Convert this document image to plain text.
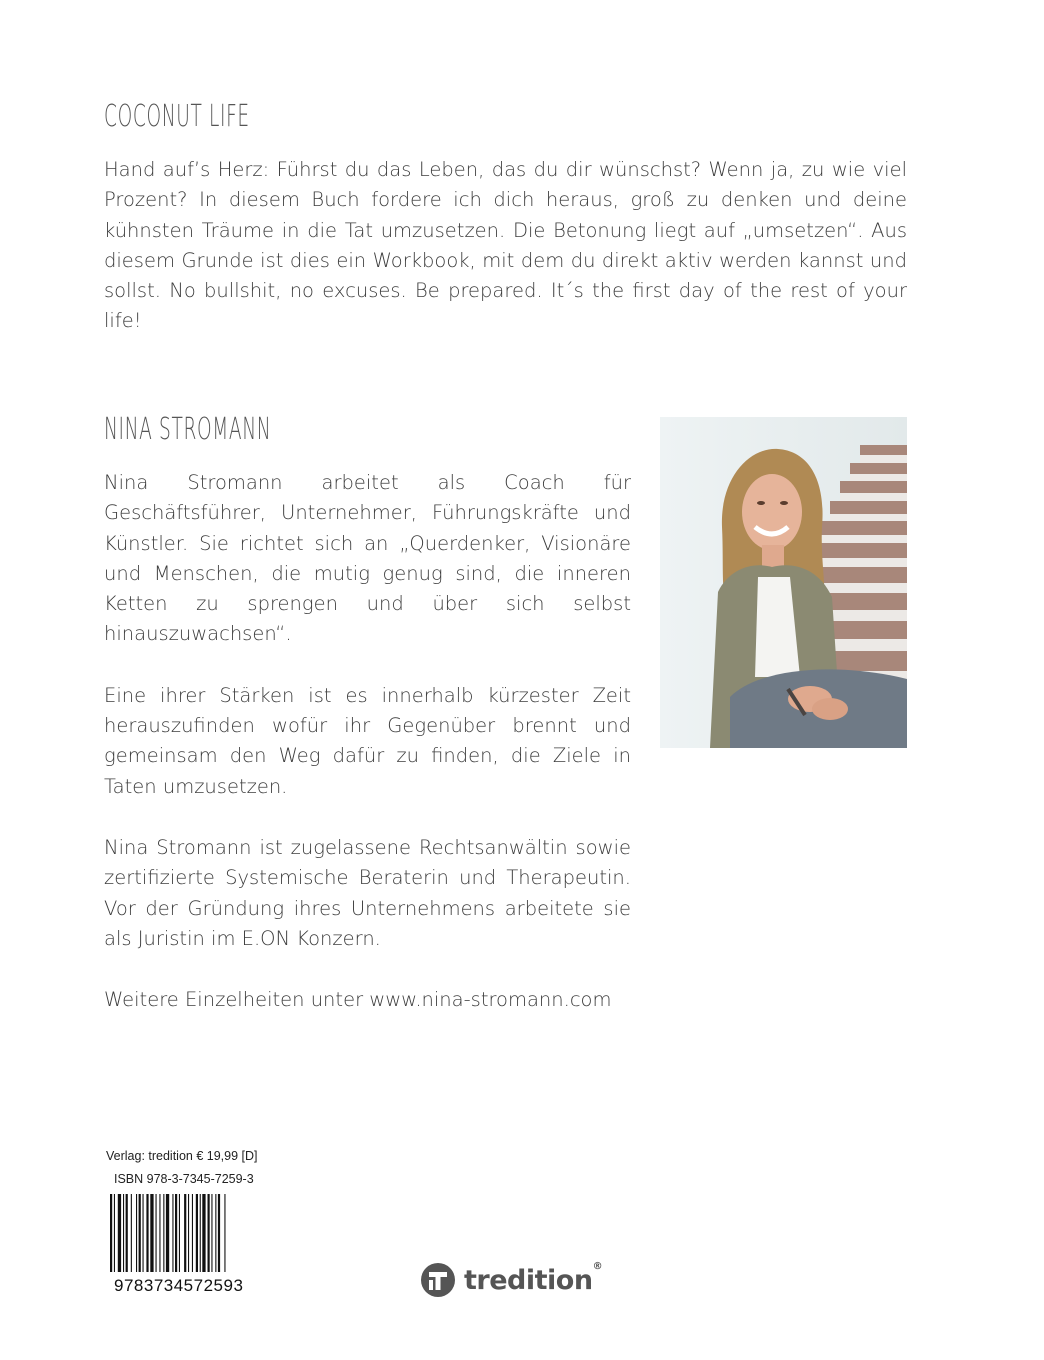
COCONUT LIFE
Hand auf’s Herz: Führst du das Leben, das du dir wünschst? Wenn ja, zu wie viel Prozent? In diesem Buch fordere ich dich heraus, groß zu denken und deine kühnsten Träume in die Tat umzusetzen. Die Betonung liegt auf „umsetzen“. Aus diesem Grunde ist dies ein Workbook, mit dem du direkt aktiv werden kannst und sollst. No bullshit, no excuses. Be prepared. It´s the first day of the rest of your life!
NINA STROMANN

Nina Stromann arbeitet als Coach für Geschäftsführer, Unternehmer, Führungskräfte und Künstler. Sie richtet sich an „Querdenker, Visionäre und Menschen, die mutig genug sind, die inneren Ketten zu sprengen und über sich selbst hinauszuwachsen“.

Eine ihrer Stärken ist es innerhalb kürzester Zeit herauszufinden wofür ihr Gegenüber brennt und gemeinsam den Weg dafür zu finden, die Ziele in Taten umzusetzen.

Nina Stromann ist zugelassene Rechtsanwältin sowie zertifizierte Systemische Beraterin und Therapeutin. Vor der Gründung ihres Unternehmens arbeitete sie als Juristin im E.ON Konzern.

Weitere Einzelheiten unter www.nina-stromann.com

Verlag: tredition € 19,99 [D]
ISBN 978-3-7345-7259-3
9783734572593	tredition®
